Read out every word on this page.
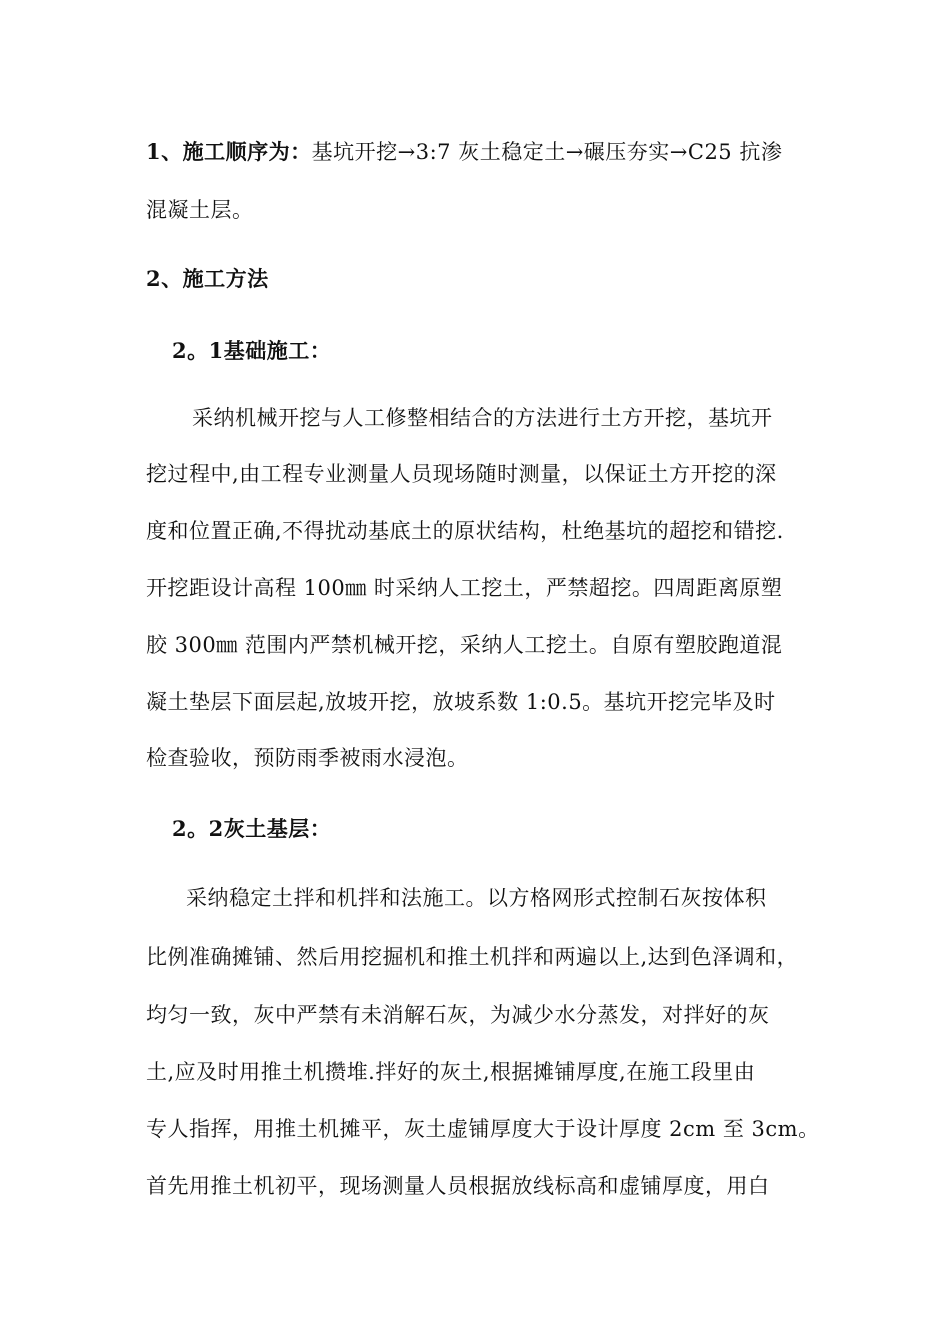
1、施工顺序为：基坑开挖→3:7 灰土稳定土→碾压夯实→C25 抗渗
混凝土层。
2、施工方法
2。1基础施工：
采纳机械开挖与人工修整相结合的方法进行土方开挖，基坑开
挖过程中,由工程专业测量人员现场随时测量，以保证土方开挖的深
度和位置正确,不得扰动基底土的原状结构，杜绝基坑的超挖和错挖.
开挖距设计高程 100㎜ 时采纳人工挖土，严禁超挖。四周距离原塑
胶 300㎜ 范围内严禁机械开挖，采纳人工挖土。自原有塑胶跑道混
凝土垫层下面层起,放坡开挖，放坡系数 1:0.5。基坑开挖完毕及时
检查验收，预防雨季被雨水浸泡。
2。2灰土基层：
采纳稳定土拌和机拌和法施工。以方格网形式控制石灰按体积
比例准确摊铺、然后用挖掘机和推土机拌和两遍以上,达到色泽调和，
均匀一致，灰中严禁有未消解石灰，为减少水分蒸发，对拌好的灰
土,应及时用推土机攒堆.拌好的灰土,根据摊铺厚度,在施工段里由
专人指挥，用推土机摊平，灰土虚铺厚度大于设计厚度 2cm 至 3cm。
首先用推土机初平，现场测量人员根据放线标高和虚铺厚度，用白
